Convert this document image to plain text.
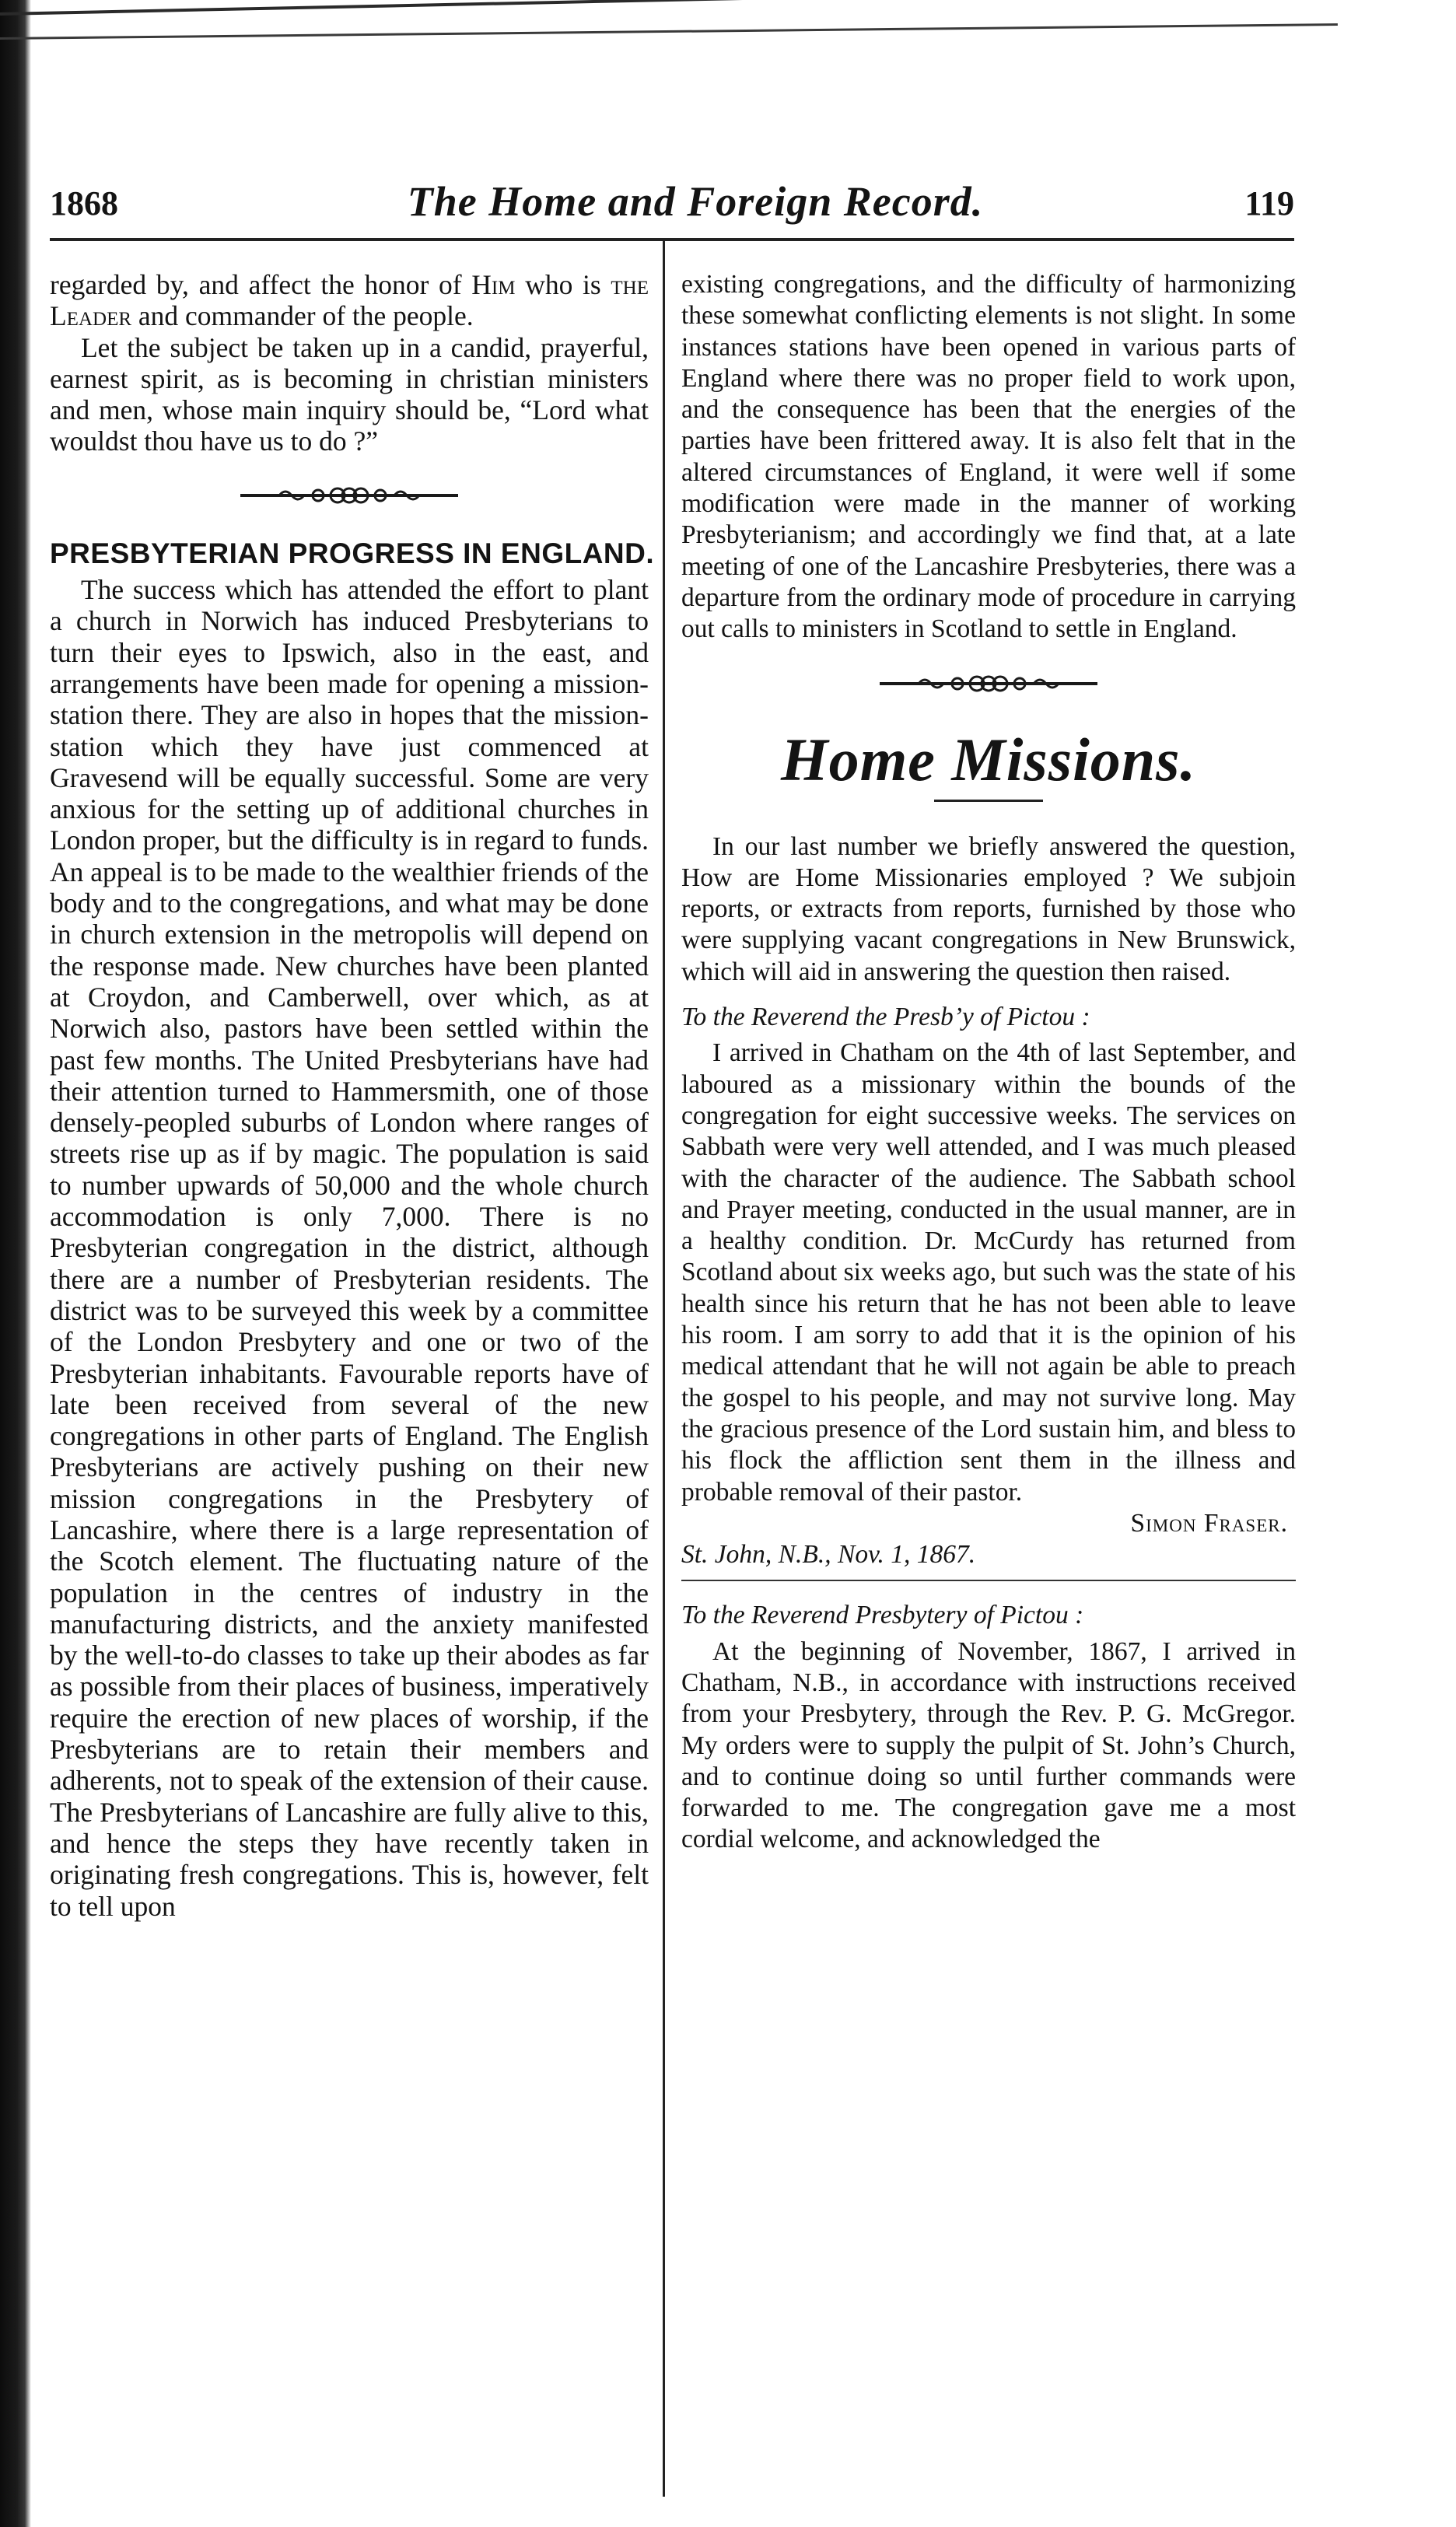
1868	The Home and Foreign Record.	119

regarded by, and affect the honor of Him who is the Leader and commander of the people.

Let the subject be taken up in a candid, prayerful, earnest spirit, as is becoming in christian ministers and men, whose main inquiry should be, “Lord what wouldst thou have us to do ?”

PRESBYTERIAN PROGRESS IN ENGLAND.

The success which has attended the effort to plant a church in Norwich has induced Presbyterians to turn their eyes to Ipswich, also in the east, and arrangements have been made for opening a mission-station there. They are also in hopes that the mission-station which they have just commenced at Gravesend will be equally successful. Some are very anxious for the setting up of additional churches in London proper, but the difficulty is in regard to funds. An appeal is to be made to the wealthier friends of the body and to the congregations, and what may be done in church extension in the metropolis will depend on the response made. New churches have been planted at Croydon, and Camberwell, over which, as at Norwich also, pastors have been settled within the past few months. The United Presbyterians have had their attention turned to Hammersmith, one of those densely-peopled suburbs of London where ranges of streets rise up as if by magic. The population is said to number upwards of 50,000 and the whole church accommodation is only 7,000. There is no Presbyterian congregation in the district, although there are a number of Presbyterian residents. The district was to be surveyed this week by a committee of the London Presbytery and one or two of the Presbyterian inhabitants. Favourable reports have of late been received from several of the new congregations in other parts of England. The English Presbyterians are actively pushing on their new mission congregations in the Presbytery of Lancashire, where there is a large representation of the Scotch element. The fluctuating nature of the population in the centres of industry in the manufacturing districts, and the anxiety manifested by the well-to-do classes to take up their abodes as far as possible from their places of business, imperatively require the erection of new places of worship, if the Presbyterians are to retain their members and adherents, not to speak of the extension of their cause. The Presbyterians of Lancashire are fully alive to this, and hence the steps they have recently taken in originating fresh congregations. This is, however, felt to tell upon

existing congregations, and the difficulty of harmonizing these somewhat conflicting elements is not slight. In some instances stations have been opened in various parts of England where there was no proper field to work upon, and the consequence has been that the energies of the parties have been frittered away. It is also felt that in the altered circumstances of England, it were well if some modification were made in the manner of working Presbyterianism; and accordingly we find that, at a late meeting of one of the Lancashire Presbyteries, there was a departure from the ordinary mode of procedure in carrying out calls to ministers in Scotland to settle in England.

Home Missions.

In our last number we briefly answered the question, How are Home Missionaries employed ? We subjoin reports, or extracts from reports, furnished by those who were supplying vacant congregations in New Brunswick, which will aid in answering the question then raised.

To the Reverend the Presb’y of Pictou :

I arrived in Chatham on the 4th of last September, and laboured as a missionary within the bounds of the congregation for eight successive weeks. The services on Sabbath were very well attended, and I was much pleased with the character of the audience. The Sabbath school and Prayer meeting, conducted in the usual manner, are in a healthy condition. Dr. McCurdy has returned from Scotland about six weeks ago, but such was the state of his health since his return that he has not been able to leave his room. I am sorry to add that it is the opinion of his medical attendant that he will not again be able to preach the gospel to his people, and may not survive long. May the gracious presence of the Lord sustain him, and bless to his flock the affliction sent them in the illness and probable removal of their pastor.

Simon Fraser.

St. John, N.B., Nov. 1, 1867.

To the Reverend Presbytery of Pictou :

At the beginning of November, 1867, I arrived in Chatham, N.B., in accordance with instructions received from your Presbytery, through the Rev. P. G. McGregor. My orders were to supply the pulpit of St. John’s Church, and to continue doing so until further commands were forwarded to me. The congregation gave me a most cordial welcome, and acknowledged the
